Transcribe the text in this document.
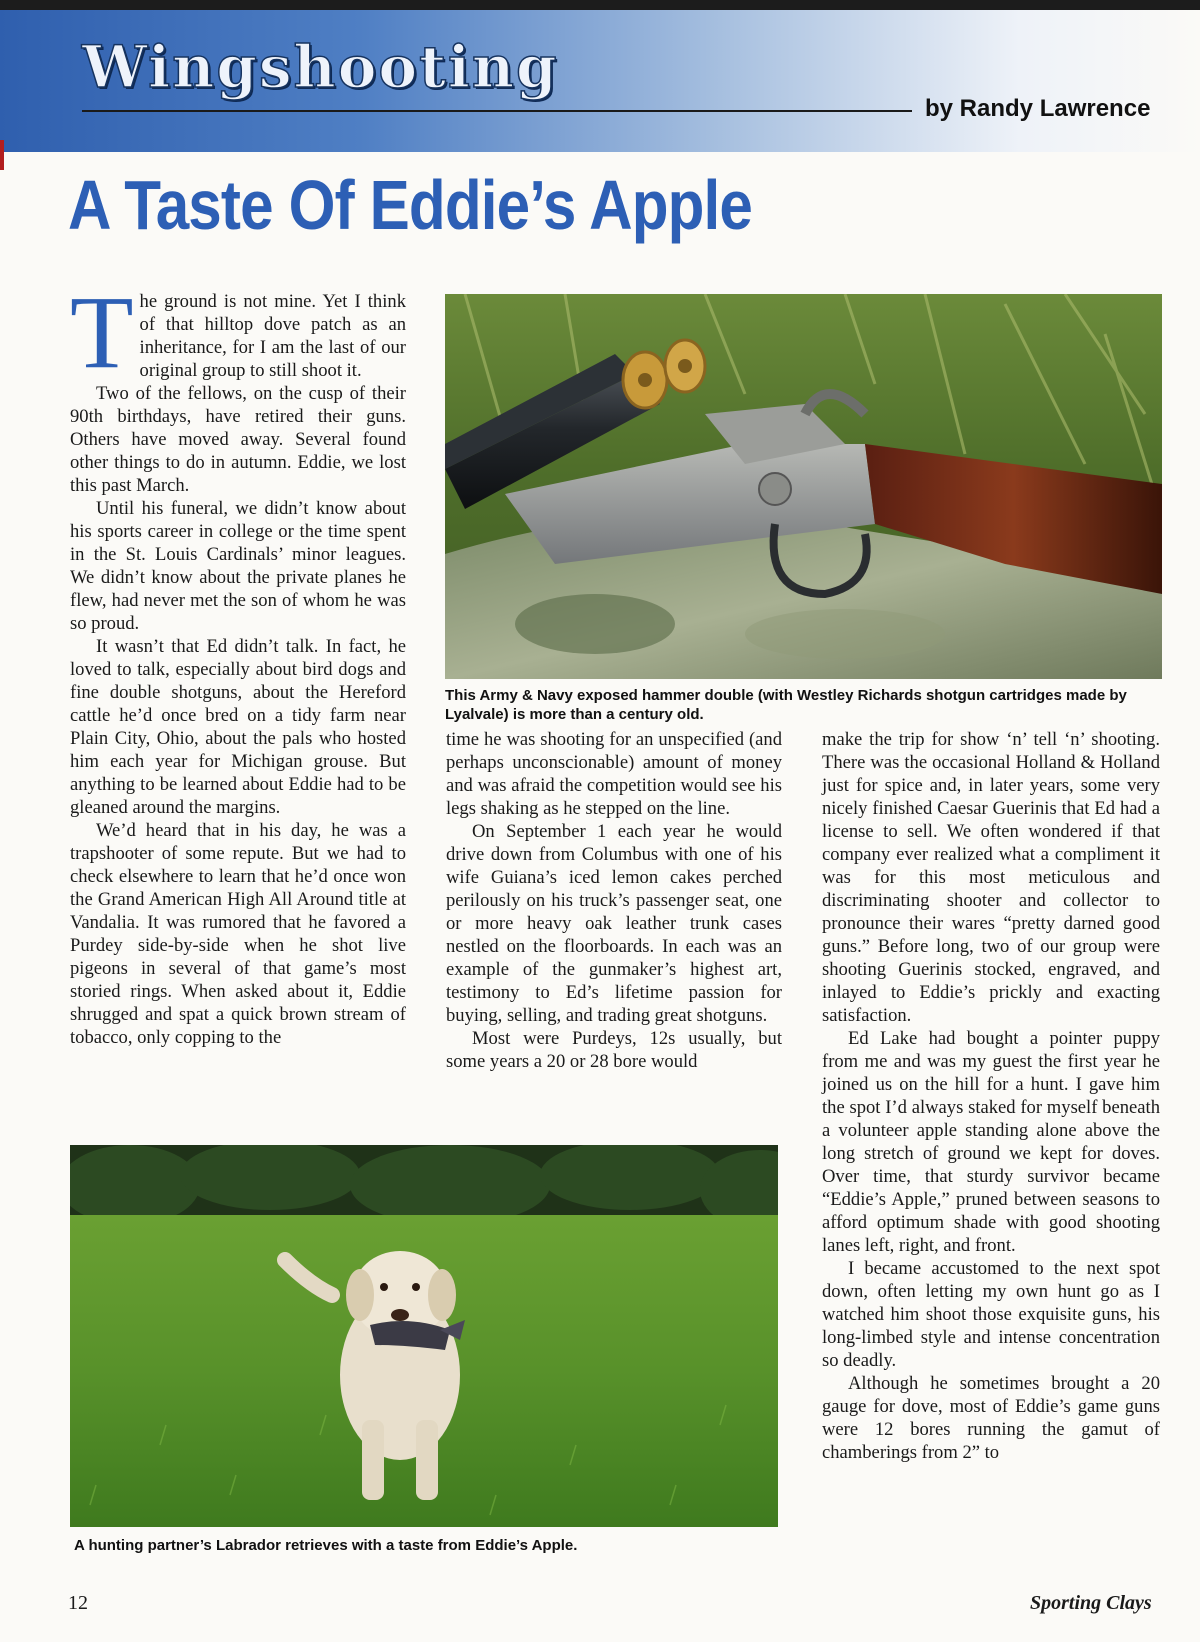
Wingshooting
by Randy Lawrence
A Taste Of Eddie’s Apple

The ground is not mine. Yet I think of that hilltop dove patch as an inheritance, for I am the last of our original group to still shoot it.

Two of the fellows, on the cusp of their 90th birthdays, have retired their guns. Others have moved away. Several found other things to do in autumn. Eddie, we lost this past March.

Until his funeral, we didn’t know about his sports career in college or the time spent in the St. Louis Cardinals’ minor leagues. We didn’t know about the private planes he flew, had never met the son of whom he was so proud.

It wasn’t that Ed didn’t talk. In fact, he loved to talk, especially about bird dogs and fine double shotguns, about the Hereford cattle he’d once bred on a tidy farm near Plain City, Ohio, about the pals who hosted him each year for Michigan grouse. But anything to be learned about Eddie had to be gleaned around the margins.

We’d heard that in his day, he was a trapshooter of some repute. But we had to check elsewhere to learn that he’d once won the Grand American High All Around title at Vandalia. It was rumored that he favored a Purdey side-by-side when he shot live pigeons in several of that game’s most storied rings. When asked about it, Eddie shrugged and spat a quick brown stream of tobacco, only copping to the

This Army & Navy exposed hammer double (with Westley Richards shotgun cartridges made by Lyalvale) is more than a century old.

time he was shooting for an unspecified (and perhaps unconscionable) amount of money and was afraid the competition would see his legs shaking as he stepped on the line.

On September 1 each year he would drive down from Columbus with one of his wife Guiana’s iced lemon cakes perched perilously on his truck’s passenger seat, one or more heavy oak leather trunk cases nestled on the floorboards. In each was an example of the gunmaker’s highest art, testimony to Ed’s lifetime passion for buying, selling, and trading great shotguns.

Most were Purdeys, 12s usually, but some years a 20 or 28 bore would

make the trip for show ‘n’ tell ‘n’ shooting. There was the occasional Holland & Holland just for spice and, in later years, some very nicely finished Caesar Guerinis that Ed had a license to sell. We often wondered if that company ever realized what a compliment it was for this most meticulous and discriminating shooter and collector to pronounce their wares “pretty darned good guns.” Before long, two of our group were shooting Guerinis stocked, engraved, and inlayed to Eddie’s prickly and exacting satisfaction.

Ed Lake had bought a pointer puppy from me and was my guest the first year he joined us on the hill for a hunt. I gave him the spot I’d always staked for myself beneath a volunteer apple standing alone above the long stretch of ground we kept for doves. Over time, that sturdy survivor became “Eddie’s Apple,” pruned between seasons to afford optimum shade with good shooting lanes left, right, and front.

I became accustomed to the next spot down, often letting my own hunt go as I watched him shoot those exquisite guns, his long-limbed style and intense concentration so deadly.

Although he sometimes brought a 20 gauge for dove, most of Eddie’s game guns were 12 bores running the gamut of chamberings from 2” to

A hunting partner’s Labrador retrieves with a taste from Eddie’s Apple.
12	Sporting Clays
